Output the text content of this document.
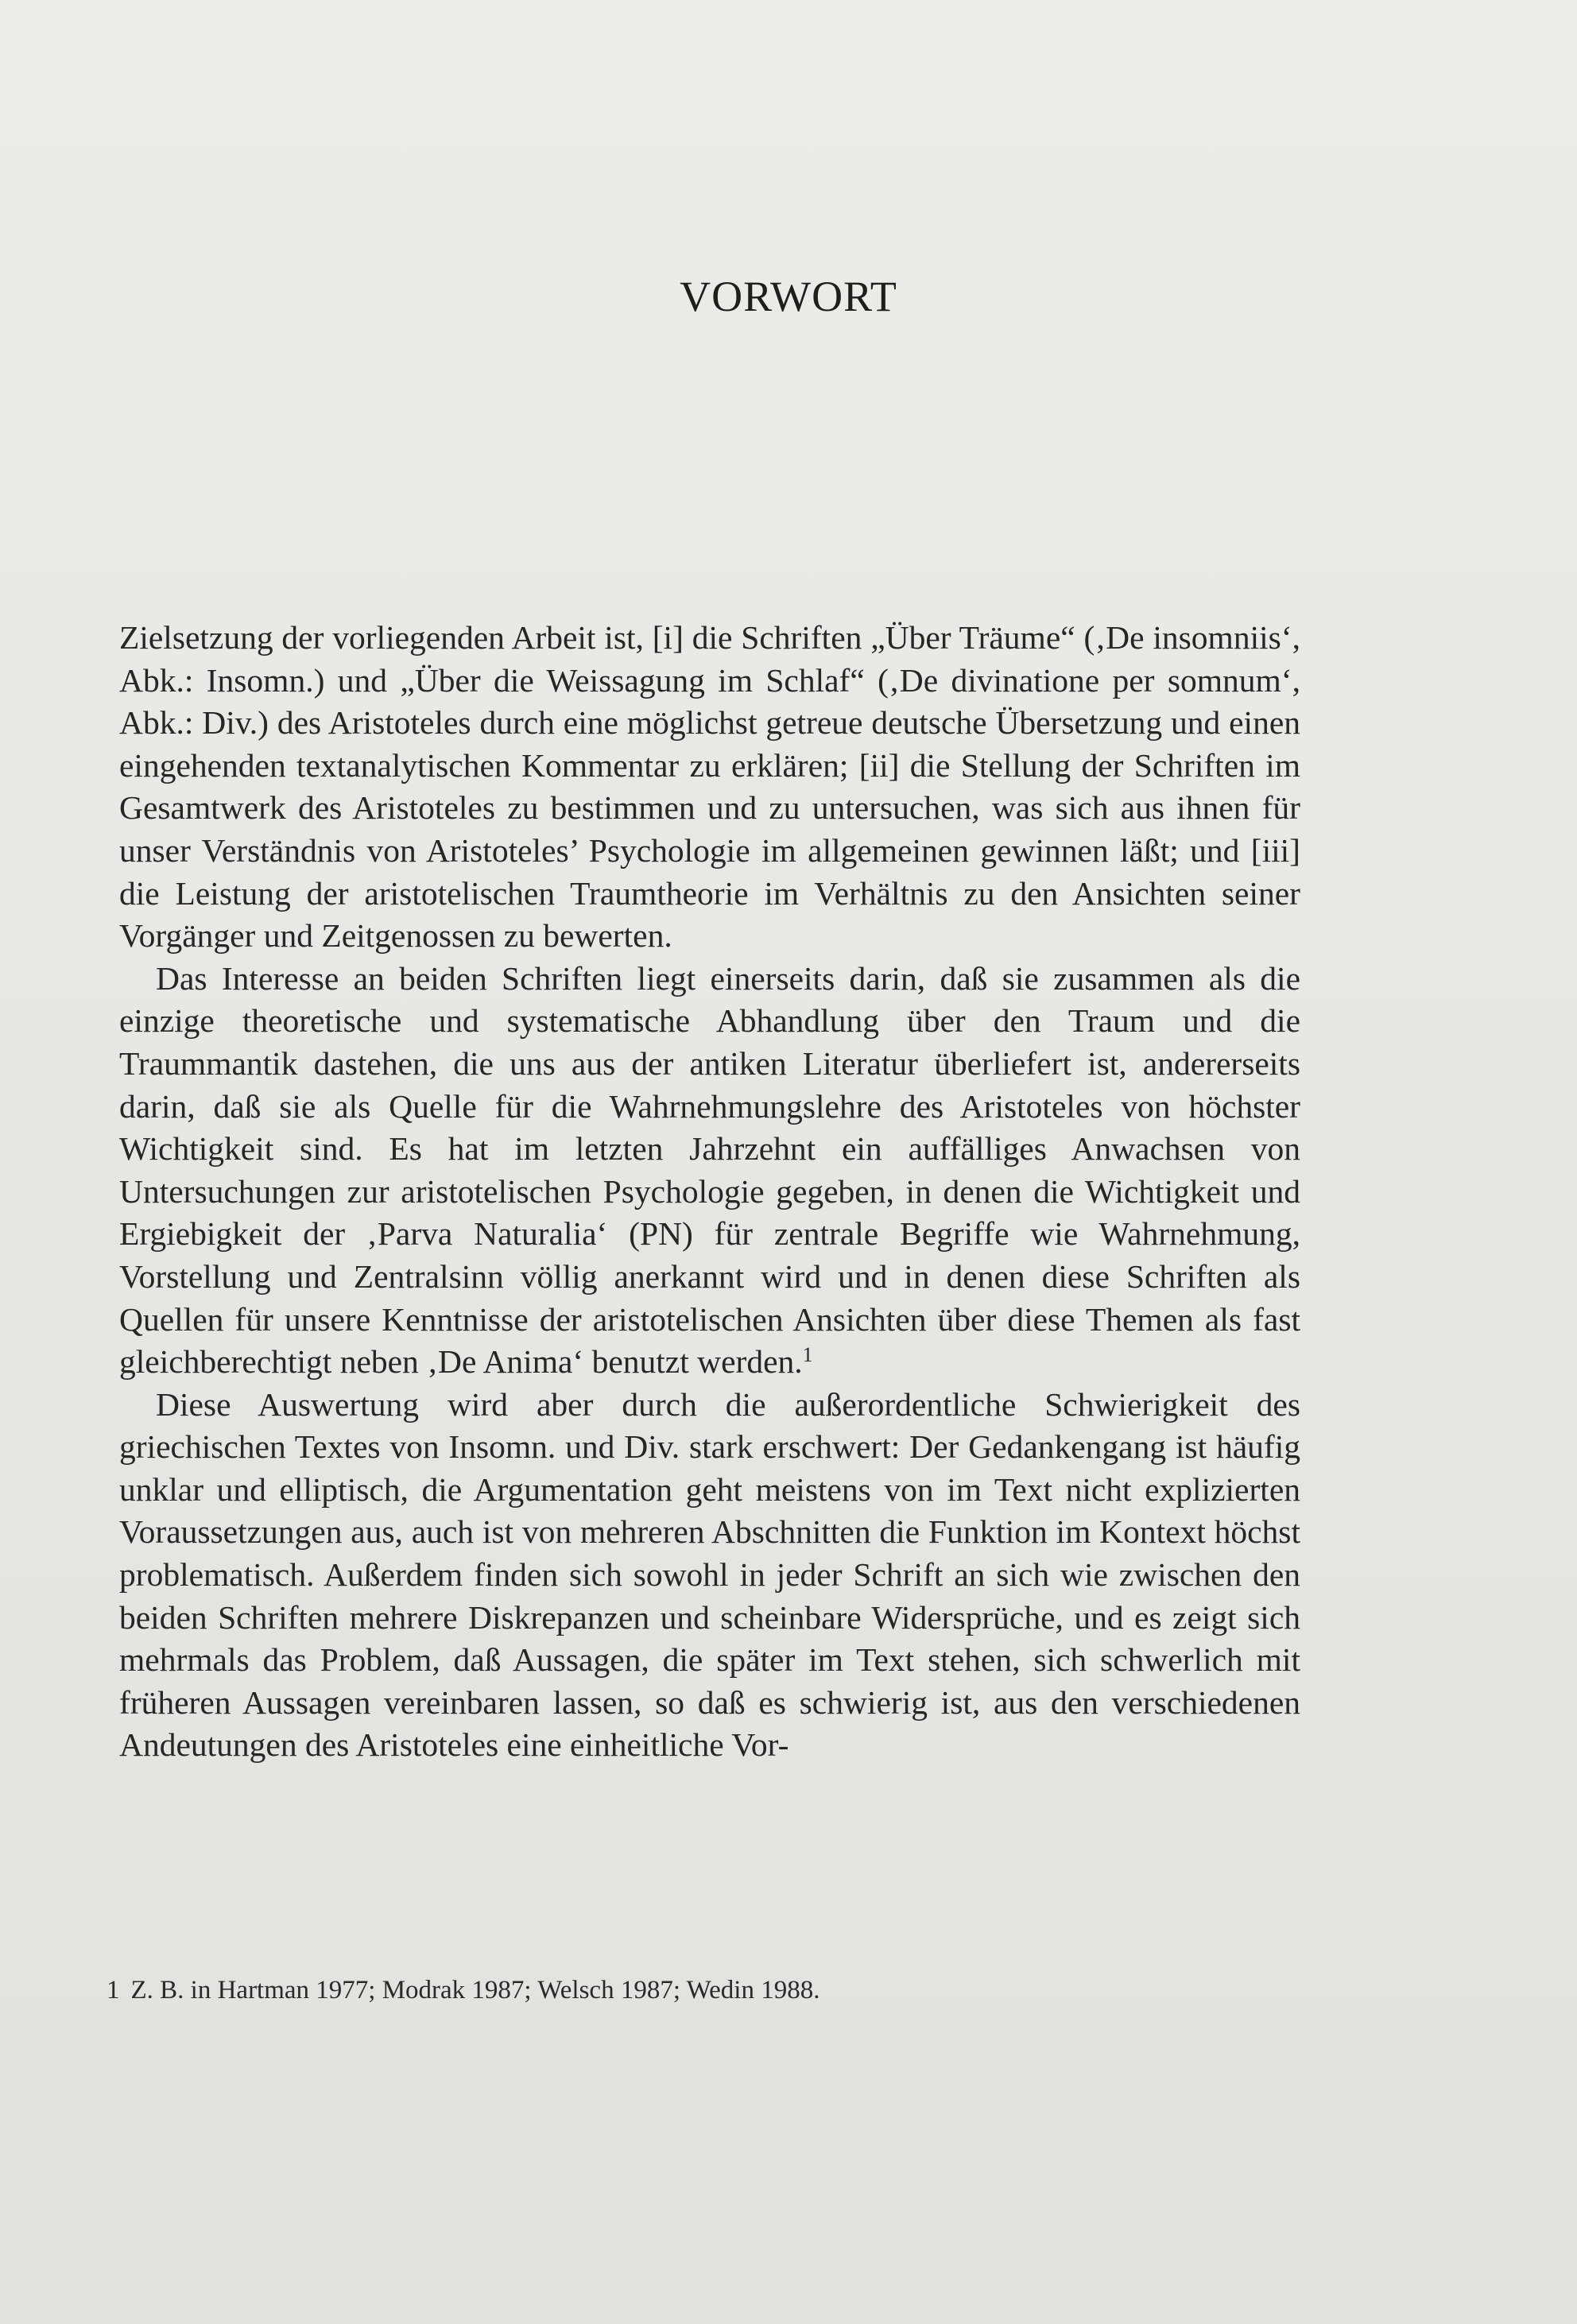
VORWORT

Zielsetzung der vorliegenden Arbeit ist, [i] die Schriften „Über Träume“ (‚De insomniis‘, Abk.: Insomn.) und „Über die Weissagung im Schlaf“ (‚De divinatione per somnum‘, Abk.: Div.) des Aristoteles durch eine möglichst getreue deutsche Übersetzung und einen eingehenden textanalytischen Kommentar zu erklären; [ii] die Stellung der Schriften im Gesamtwerk des Aristoteles zu bestimmen und zu untersuchen, was sich aus ihnen für unser Verständnis von Aristoteles’ Psychologie im allgemeinen gewinnen läßt; und [iii] die Leistung der aristotelischen Traumtheorie im Verhältnis zu den Ansichten seiner Vorgänger und Zeitgenossen zu bewerten.

Das Interesse an beiden Schriften liegt einerseits darin, daß sie zusammen als die einzige theoretische und systematische Abhandlung über den Traum und die Traummantik dastehen, die uns aus der antiken Literatur überliefert ist, andererseits darin, daß sie als Quelle für die Wahrnehmungslehre des Aristoteles von höchster Wichtigkeit sind. Es hat im letzten Jahrzehnt ein auffälliges Anwachsen von Untersuchungen zur aristotelischen Psychologie gegeben, in denen die Wichtigkeit und Ergiebigkeit der ‚Parva Naturalia‘ (PN) für zentrale Begriffe wie Wahrnehmung, Vorstellung und Zentralsinn völlig anerkannt wird und in denen diese Schriften als Quellen für unsere Kenntnisse der aristotelischen Ansichten über diese Themen als fast gleichberechtigt neben ‚De Anima‘ benutzt werden.$^1$

Diese Auswertung wird aber durch die außerordentliche Schwierigkeit des griechischen Textes von Insomn. und Div. stark erschwert: Der Gedankengang ist häufig unklar und elliptisch, die Argumentation geht meistens von im Text nicht explizierten Voraussetzungen aus, auch ist von mehreren Abschnitten die Funktion im Kontext höchst problematisch. Außerdem finden sich sowohl in jeder Schrift an sich wie zwischen den beiden Schriften mehrere Diskrepanzen und scheinbare Widersprüche, und es zeigt sich mehrmals das Problem, daß Aussagen, die später im Text stehen, sich schwerlich mit früheren Aussagen vereinbaren lassen, so daß es schwierig ist, aus den verschiedenen Andeutungen des Aristoteles eine einheitliche Vor-

1 Z. B. in Hartman 1977; Modrak 1987; Welsch 1987; Wedin 1988.
